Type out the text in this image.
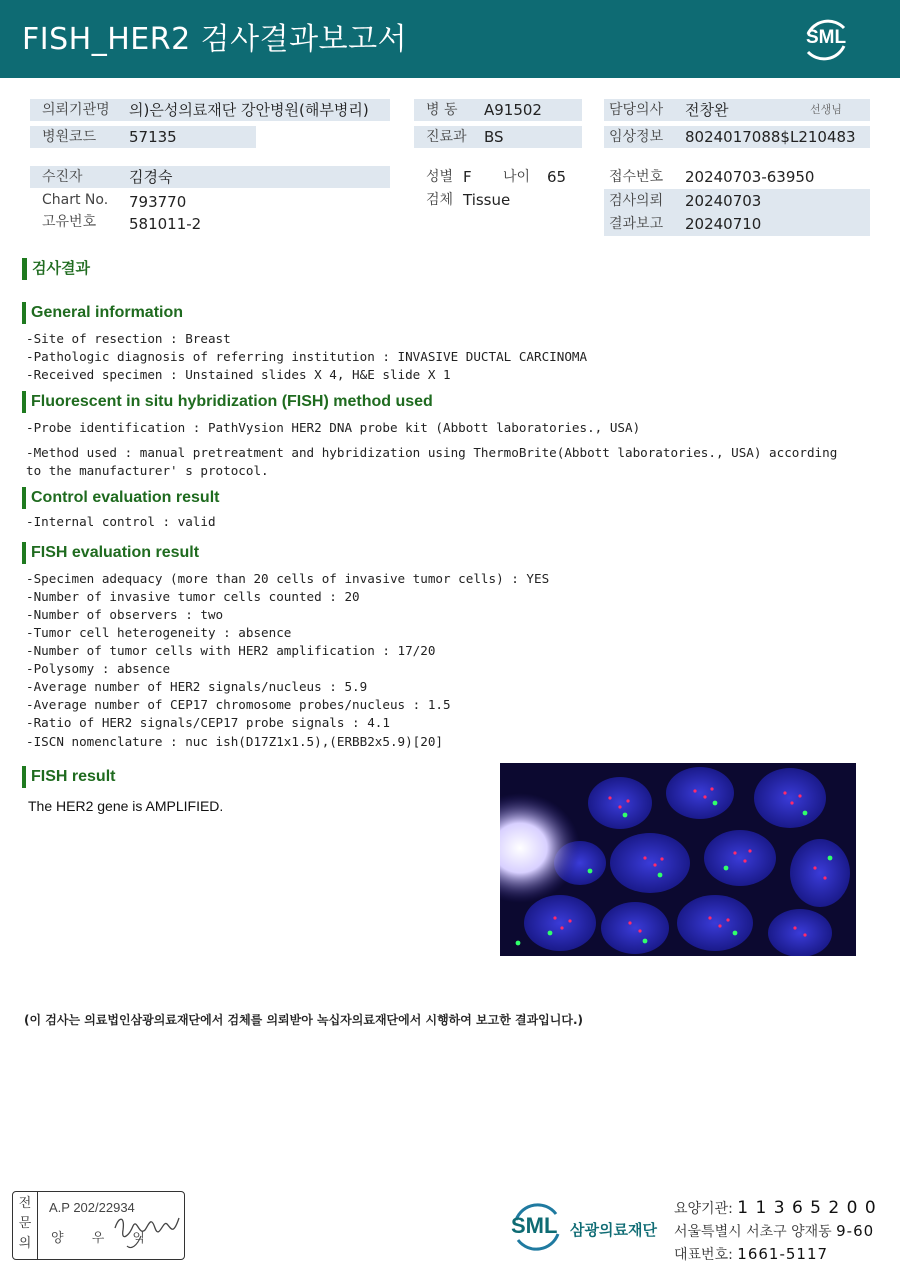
FISH_HER2 검사결과보고서	SML
의뢰기관명 의)은성의료재단 강안병원(해부병리)
병원코드 57135
수진자	김경숙
Chart No. 793770
고유번호 581011-2
병 동 A91502
진료과 BS
성별 F 나이 65
검체 Tissue
담당의사 전창완	선생님
임상정보 8024017088$L210483
접수번호 20240703-63950
검사의뢰 20240703
결과보고 20240710
검사결과
General information
-Site of resection : Breast
-Pathologic diagnosis of referring institution : INVASIVE DUCTAL CARCINOMA
-Received specimen : Unstained slides X 4, H&E slide X 1
Fluorescent in situ hybridization (FISH) method used
-Probe identification : PathVysion HER2 DNA probe kit (Abbott laboratories., USA)
-Method used : manual pretreatment and hybridization using ThermoBrite(Abbott laboratories., USA) according
to the manufacturer' s protocol.
Control evaluation result
-Internal control : valid
FISH evaluation result
-Specimen adequacy (more than 20 cells of invasive tumor cells) : YES
-Number of invasive tumor cells counted : 20
-Number of observers : two
-Tumor cell heterogeneity : absence
-Number of tumor cells with HER2 amplification : 17/20
-Polysomy : absence
-Average number of HER2 signals/nucleus : 5.9
-Average number of CEP17 chromosome probes/nucleus : 1.5
-Ratio of HER2 signals/CEP17 probe signals : 4.1
-ISCN nomenclature : nuc ish(D17Z1x1.5),(ERBB2x5.9)[20]
FISH result
The HER2 gene is AMPLIFIED.
(이 검사는 의료법인삼광의료재단에서 검체를 의뢰받아 녹십자의료재단에서 시행하여 보고한 결과입니다.)
전
문
의
A.P 202/22934
양 우 익
SML 삼광의료재단
요양기관: 1 1 3 6 5 2 0 0
서울특별시 서초구 양재동 9-60
대표번호: 1661-5117
